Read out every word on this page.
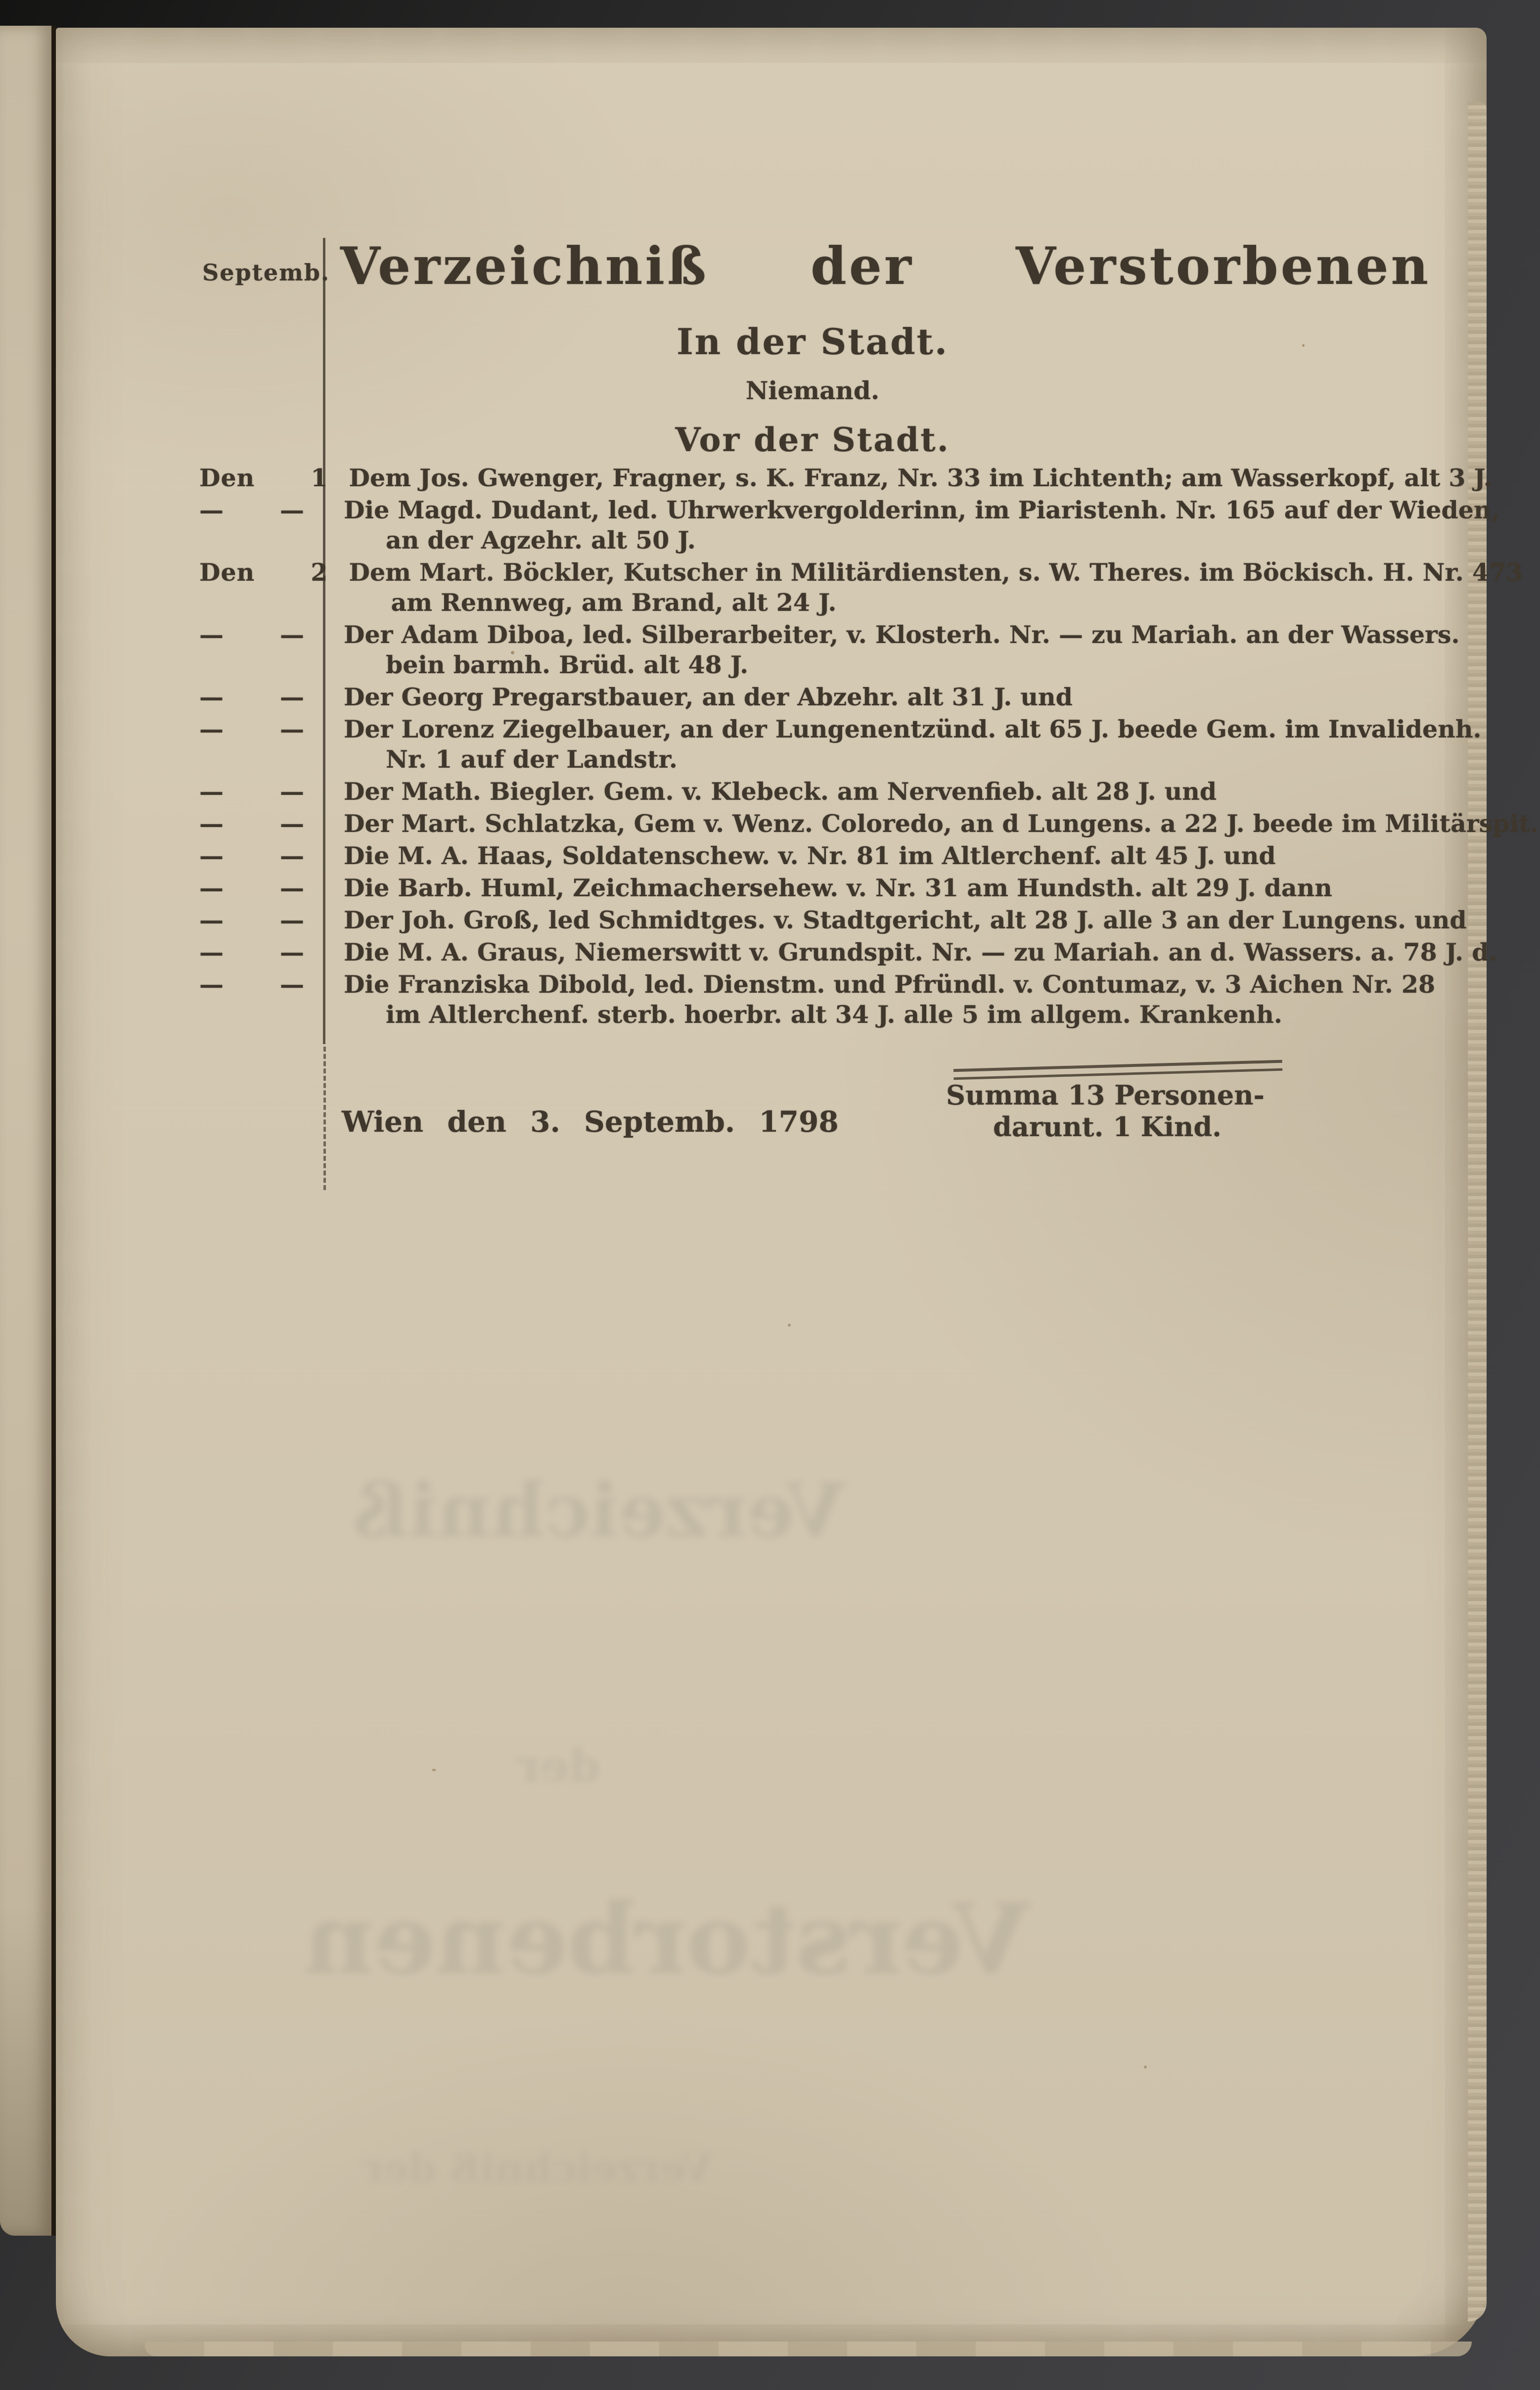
Septemb. Verzeichniß der Verstorbenen
In der Stadt.
Niemand.
Vor der Stadt.
Den 1 Dem Jos. Gwenger, Fragner, s. K. Franz, Nr. 33 im Lichtenth; am Wasserkopf, alt 3 J.
— —	Die Magd. Dudant, led. Uhrwerkvergolderinn, im Piaristenh. Nr. 165 auf der Wieden,
an der Agzehr. alt 50 J.
Den 2 Dem Mart. Böckler, Kutscher in Militärdiensten, s. W. Theres. im Böckisch. H. Nr. 473
am Rennweg, am Brand, alt 24 J.
— —	Der Adam Diboa, led. Silberarbeiter, v. Klosterh. Nr. — zu Mariah. an der Wassers.
bein barmh. Brüd. alt 48 J.
— —	Der Georg Pregarstbauer, an der Abzehr. alt 31 J. und
— —	Der Lorenz Ziegelbauer, an der Lungenentzünd. alt 65 J. beede Gem. im Invalidenh.
Nr. 1 auf der Landstr.
— —	Der Math. Biegler. Gem. v. Klebeck. am Nervenfieb. alt 28 J. und
— —	Der Mart. Schlatzka, Gem v. Wenz. Coloredo, an d Lungens. a 22 J. beede im Militärspit.
— —	Die M. A. Haas, Soldatenschew. v. Nr. 81 im Altlerchenf. alt 45 J. und
— —	Die Barb. Huml, Zeichmachersehew. v. Nr. 31 am Hundsth. alt 29 J. dann
— —	Der Joh. Groß, led Schmidtges. v. Stadtgericht, alt 28 J. alle 3 an der Lungens. und
— —	Die M. A. Graus, Niemerswitt v. Grundspit. Nr. — zu Mariah. an d. Wassers. a. 78 J. d.
— —	Die Franziska Dibold, led. Dienstm. und Pfründl. v. Contumaz, v. 3 Aichen Nr. 28
im Altlerchenf. sterb. hoerbr. alt 34 J. alle 5 im allgem. Krankenh.
Summa 13 Personen-
darunt. 1 Kind.
Wien den 3. Septemb. 1798
Verzeichniß
der
Verstorbenen
Verzeichniß der
